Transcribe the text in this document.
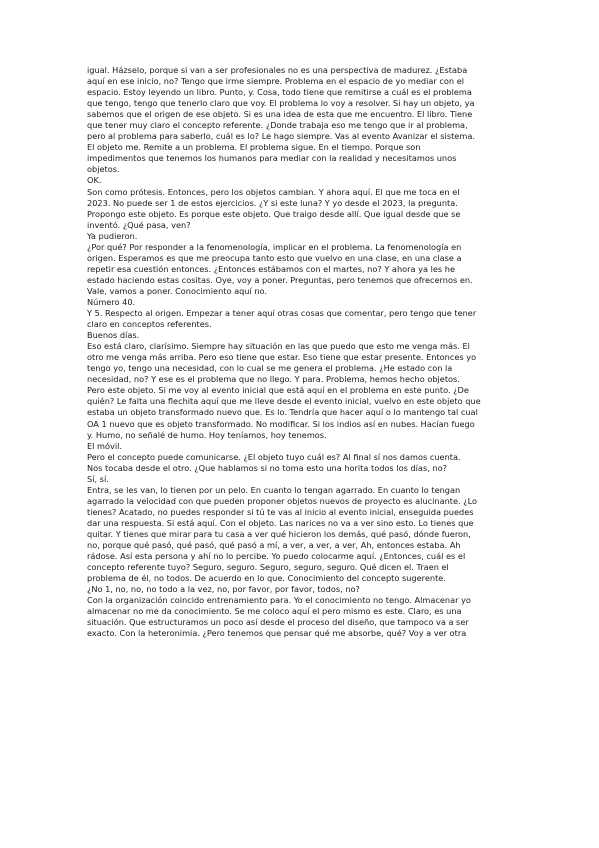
igual. Házselo, porque si van a ser profesionales no es una perspectiva de madurez. ¿Estaba
aquí en ese inicio, no? Tengo que irme siempre. Problema en el espacio de yo mediar con el
espacio. Estoy leyendo un libro. Punto, y. Cosa, todo tiene que remitirse a cuál es el problema
que tengo, tengo que tenerlo claro que voy. El problema lo voy a resolver. Si hay un objeto, ya
sabemos que el origen de ese objeto. Si es una idea de esta que me encuentro. El libro. Tiene
que tener muy claro el concepto referente. ¿Donde trabaja eso me tengo que ir al problema,
pero al problema para saberlo, cuál es lo? Le hago siempre. Vas al evento Avanizar el sistema.
El objeto me. Remite a un problema. El problema sigue. En el tiempo. Porque son
impedimentos que tenemos los humanos para mediar con la realidad y necesitamos unos
objetos.

OK.

Son como prótesis. Entonces, pero los objetos cambian. Y ahora aquí. El que me toca en el
2023. No puede ser 1 de estos ejercicios. ¿Y si este luna? Y yo desde el 2023, la pregunta.
Propongo este objeto. Es porque este objeto. Que traigo desde allí. Que igual desde que se
inventó. ¿Qué pasa, ven?

Ya pudieron.

¿Por qué? Por responder a la fenomenología, implicar en el problema. La fenomenología en
origen. Esperamos es que me preocupa tanto esto que vuelvo en una clase, en una clase a
repetir esa cuestión entonces. ¿Entonces estábamos con el martes, no? Y ahora ya les he
estado haciendo estas cositas. Oye, voy a poner. Preguntas, pero tenemos que ofrecernos en.
Vale, vamos a poner. Conocimiento aquí no.

Número 40.

Y 5. Respecto al origen. Empezar a tener aquí otras cosas que comentar, pero tengo que tener
claro en conceptos referentes.

Buenos días.

Eso está claro, clarísimo. Siempre hay situación en las que puedo que esto me venga más. El
otro me venga más arriba. Pero eso tiene que estar. Eso tiene que estar presente. Entonces yo
tengo yo, tengo una necesidad, con lo cual se me genera el problema. ¿He estado con la
necesidad, no? Y ese es el problema que no llego. Y para. Problema, hemos hecho objetos.
Pero este objeto. Si me voy al evento inicial que está aquí en el problema en este punto. ¿De
quién? Le falta una flechita aquí que me lleve desde el evento inicial, vuelvo en este objeto que
estaba un objeto transformado nuevo que. Es lo. Tendría que hacer aquí o lo mantengo tal cual
OA 1 nuevo que es objeto transformado. No modificar. Si los indios así en nubes. Hacían fuego
y. Humo, no señalé de humo. Hoy teníamos, hoy tenemos.

El móvil.

Pero el concepto puede comunicarse. ¿El objeto tuyo cuál es? Al final sí nos damos cuenta.
Nos tocaba desde el otro. ¿Que hablamos si no toma esto una horita todos los días, no?

Sí, sí.

Entra, se les van, lo tienen por un pelo. En cuanto lo tengan agarrado. En cuanto lo tengan
agarrado la velocidad con que pueden proponer objetos nuevos de proyecto es alucinante. ¿Lo
tienes? Acatado, no puedes responder si tú te vas al inicio al evento inicial, enseguida puedes
dar una respuesta. Si está aquí. Con el objeto. Las narices no va a ver sino esto. Lo tienes que
quitar. Y tienes que mirar para tu casa a ver qué hicieron los demás, qué pasó, dónde fueron,
no, porque qué pasó, qué pasó, qué pasó a mí, a ver, a ver, a ver, Ah, entonces estaba. Ah
rádose. Así esta persona y ahí no lo percibe. Yo puedo colocarme aquí. ¿Entonces, cuál es el
concepto referente tuyo? Seguro, seguro. Seguro, seguro, seguro. Qué dicen el. Traen el
problema de él, no todos. De acuerdo en lo que. Conocimiento del concepto sugerente.

¿No 1, no, no, no todo a la vez, no, por favor, por favor, todos, no?

Con la organización coincido entrenamiento para. Yo el conocimiento no tengo. Almacenar yo
almacenar no me da conocimiento. Se me coloco aquí el pero mismo es este. Claro, es una
situación. Que estructuramos un poco así desde el proceso del diseño, que tampoco va a ser
exacto. Con la heteronimia. ¿Pero tenemos que pensar qué me absorbe, qué? Voy a ver otra
